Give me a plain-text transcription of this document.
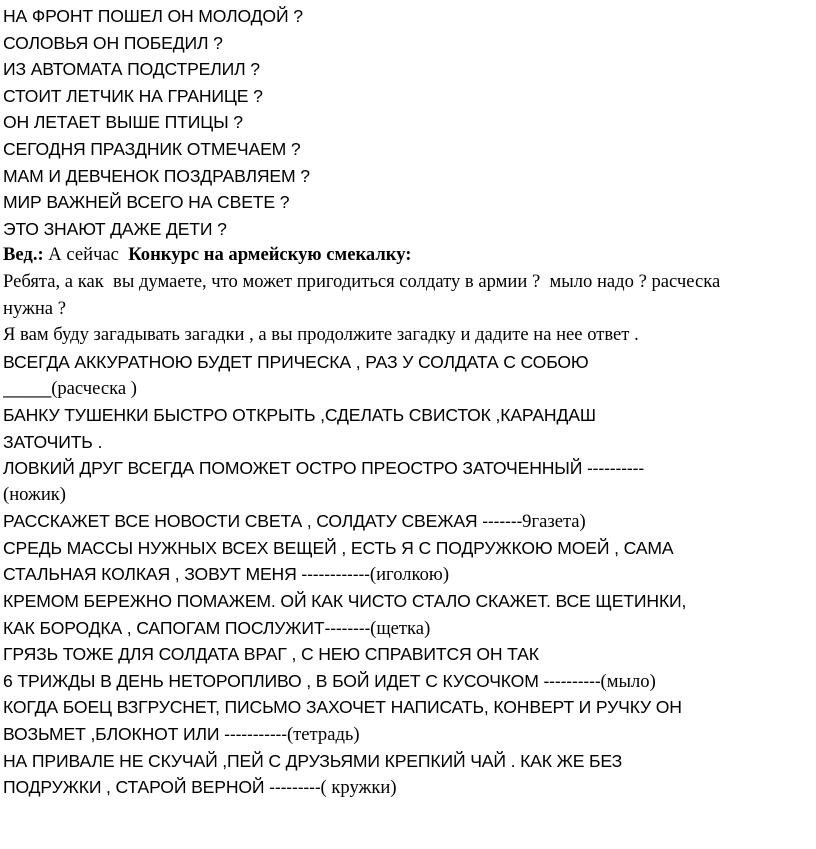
НА ФРОНТ ПОШЕЛ ОН МОЛОДОЙ ?
СОЛОВЬЯ ОН ПОБЕДИЛ ?
ИЗ АВТОМАТА ПОДСТРЕЛИЛ ?
СТОИТ ЛЕТЧИК НА ГРАНИЦЕ ?
ОН ЛЕТАЕТ ВЫШЕ ПТИЦЫ ?
СЕГОДНЯ ПРАЗДНИК ОТМЕЧАЕМ ?
МАМ И ДЕВЧЕНОК ПОЗДРАВЛЯЕМ ?
МИР ВАЖНЕЙ ВСЕГО НА СВЕТЕ ?
ЭТО ЗНАЮТ ДАЖЕ ДЕТИ ?
Вед.: А сейчас  Конкурс на армейскую смекалку:
Ребята, а как  вы думаете, что может пригодиться солдату в армии ?  мыло надо ? расческа
нужна ?
Я вам буду загадывать загадки , а вы продолжите загадку и дадите на нее ответ .
ВСЕГДА АККУРАТНОЮ БУДЕТ ПРИЧЕСКА , РАЗ У СОЛДАТА С СОБОЮ
_____(расческа )
БАНКУ ТУШЕНКИ БЫСТРО ОТКРЫТЬ ,СДЕЛАТЬ СВИСТОК ,КАРАНДАШ
ЗАТОЧИТЬ .
ЛОВКИЙ ДРУГ ВСЕГДА ПОМОЖЕТ ОСТРО ПРЕОСТРО ЗАТОЧЕННЫЙ ----------
(ножик)
РАССКАЖЕТ ВСЕ НОВОСТИ СВЕТА , СОЛДАТУ СВЕЖАЯ -------9газета)
СРЕДЬ МАССЫ НУЖНЫХ ВСЕХ ВЕЩЕЙ , ЕСТЬ Я С ПОДРУЖКОЮ МОЕЙ , САМА
СТАЛЬНАЯ КОЛКАЯ , ЗОВУТ МЕНЯ ------------(иголкою)
КРЕМОМ БЕРЕЖНО ПОМАЖЕМ. ОЙ КАК ЧИСТО СТАЛО СКАЖЕТ. ВСЕ ЩЕТИНКИ,
КАК БОРОДКА , САПОГАМ ПОСЛУЖИТ--------(щетка)
ГРЯЗЬ ТОЖЕ ДЛЯ СОЛДАТА ВРАГ , С НЕЮ СПРАВИТСЯ ОН ТАК
6 ТРИЖДЫ В ДЕНЬ НЕТОРОПЛИВО , В БОЙ ИДЕТ С КУСОЧКОМ ----------(мыло)
КОГДА БОЕЦ ВЗГРУСНЕТ, ПИСЬМО ЗАХОЧЕТ НАПИСАТЬ, КОНВЕРТ И РУЧКУ ОН
ВОЗЬМЕТ ,БЛОКНОТ ИЛИ -----------(тетрадь)
НА ПРИВАЛЕ НЕ СКУЧАЙ ,ПЕЙ С ДРУЗЬЯМИ КРЕПКИЙ ЧАЙ . КАК ЖЕ БЕЗ
ПОДРУЖКИ , СТАРОЙ ВЕРНОЙ ---------( кружки)
